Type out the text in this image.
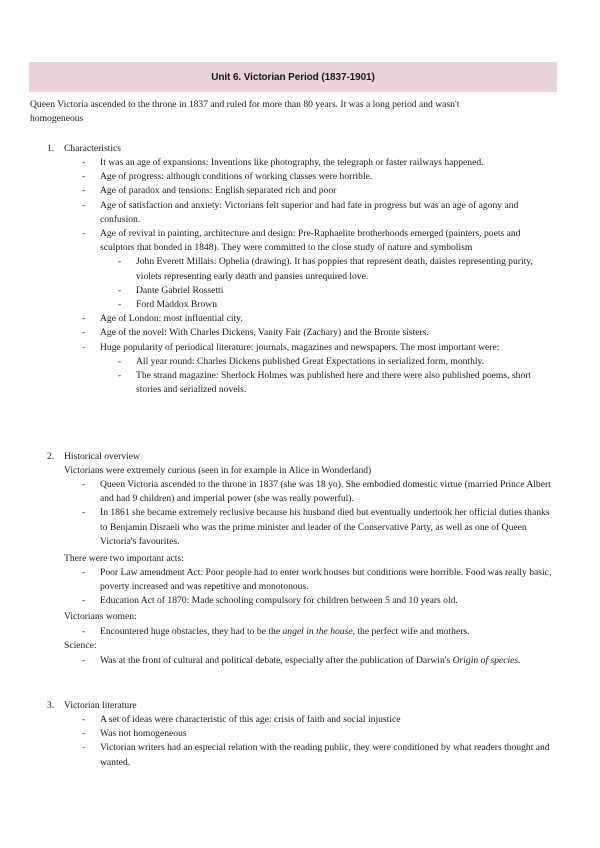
Unit 6. Victorian Period (1837-1901)
Queen Victoria ascended to the throne in 1837 and ruled for more than 80 years. It was a long period and wasn't
homogeneous
1. Characteristics
- It was an age of expansions: Inventions like photography, the telegraph or faster railways happened.
- Age of progress: although conditions of working classes were horrible.
- Age of paradox and tensions: English separated rich and poor
- Age of satisfaction and anxiety: Victorians felt superior and had fate in progress but was an age of agony and confusion.
- Age of revival in painting, architecture and design: Pre-Raphaelite brotherhoods emerged (painters, poets and sculptors that bonded in 1848). They were committed to the close study of nature and symbolism
- John Everett Millais: Ophelia (drawing). It has poppies that represent death, daisies representing purity, violets representing early death and pansies unrequired love.
- Dante Gabriel Rossetti
- Ford Maddox Brown
- Age of London: most influential city.
- Age of the novel: With Charles Dickens, Vanity Fair (Zachary) and the Bronte sisters.
- Huge popularity of periodical literature: journals, magazines and newspapers. The most important were:
- All year round: Charles Dickens published Great Expectations in serialized form, monthly.
- The strand magazine: Sherlock Holmes was published here and there were also published poems, short stories and serialized novels.
2. Historical overview
Victorians were extremely curious (seen in for example in Alice in Wonderland)
- Queen Victoria ascended to the throne in 1837 (she was 18 yo). She embodied domestic virtue (married Prince Albert and had 9 children) and imperial power (she was really powerful).
- In 1861 she became extremely reclusive because his husband died but eventually undertook her official duties thanks to Benjamin Disraeli who was the prime minister and leader of the Conservative Party, as well as one of Queen Victoria's favourites.
There were two important acts:
- Poor Law amendment Act: Poor people had to enter work houses but conditions were horrible. Food was really basic, poverty increased and was repetitive and monotonous.
- Education Act of 1870: Made schooling compulsory for children between 5 and 10 years old.
Victorians women:
- Encountered huge obstacles, they had to be the angel in the house, the perfect wife and mothers.
Science:
- Was at the front of cultural and political debate, especially after the publication of Darwin's Origin of species.
3. Victorian literature
- A set of ideas were characteristic of this age: crisis of faith and social injustice
- Was not homogeneous
- Victorian writers had an especial relation with the reading public, they were conditioned by what readers thought and wanted.
